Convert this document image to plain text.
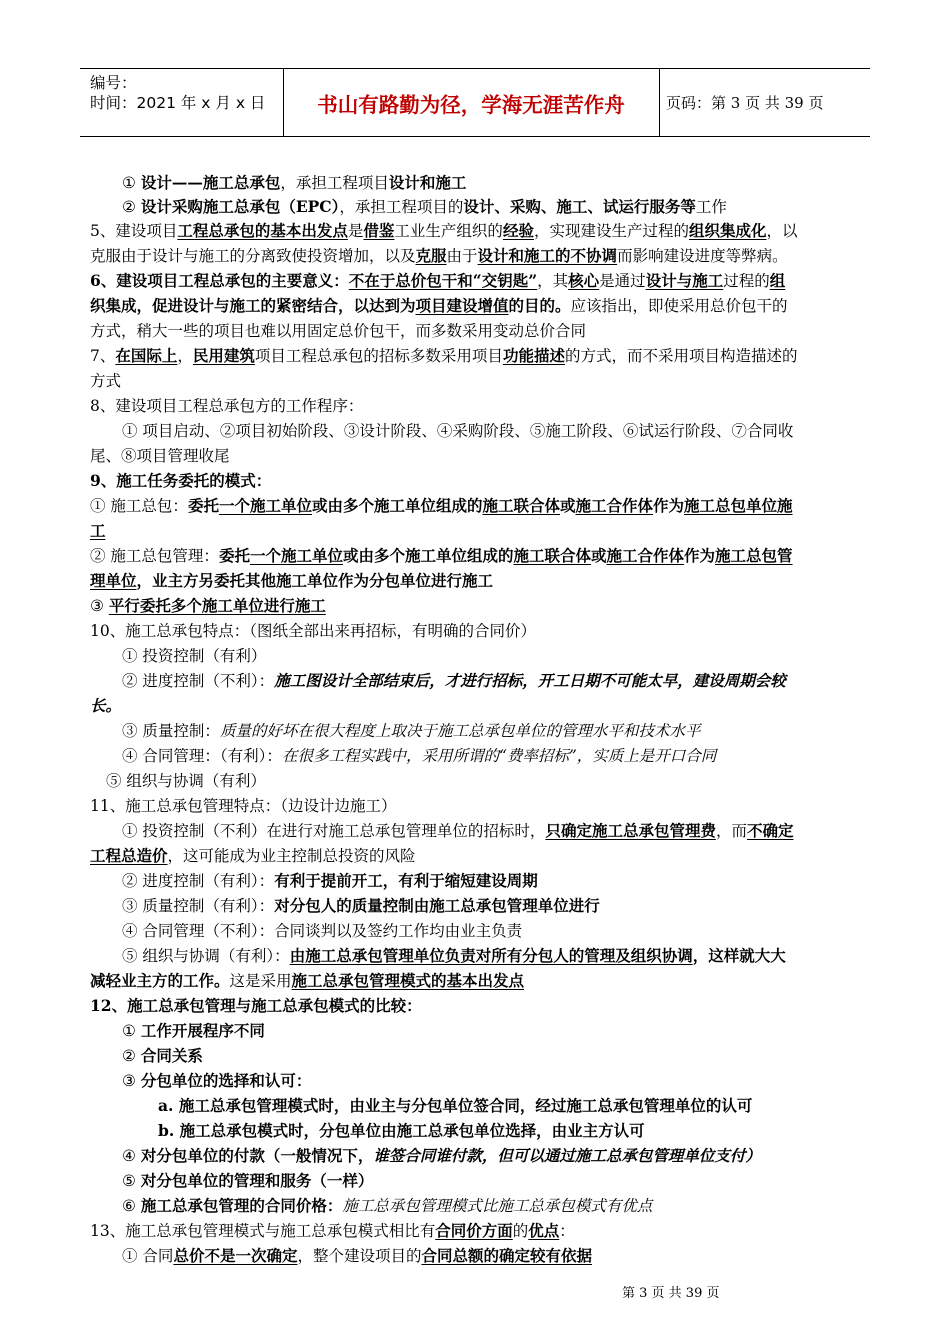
编号：
时间：2021 年 x 月 x 日	书山有路勤为径，学海无涯苦作舟	页码：第 3 页 共 39 页
① 设计——施工总承包，承担工程项目设计和施工
② 设计采购施工总承包（EPC），承担工程项目的设计、采购、施工、试运行服务等工作
5、建设项目工程总承包的基本出发点是借鉴工业生产组织的经验，实现建设生产过程的组织集成化，以
克服由于设计与施工的分离致使投资增加，以及克服由于设计和施工的不协调而影响建设进度等弊病。
6、建设项目工程总承包的主要意义：不在于总价包干和“交钥匙”，其核心是通过设计与施工过程的组
织集成，促进设计与施工的紧密结合，以达到为项目建设增值的目的。应该指出，即使采用总价包干的
方式，稍大一些的项目也难以用固定总价包干，而多数采用变动总价合同
7、在国际上，民用建筑项目工程总承包的招标多数采用项目功能描述的方式，而不采用项目构造描述的
方式
8、建设项目工程总承包方的工作程序：
① 项目启动、②项目初始阶段、③设计阶段、④采购阶段、⑤施工阶段、⑥试运行阶段、⑦合同收
尾、⑧项目管理收尾
9、施工任务委托的模式：
① 施工总包：委托一个施工单位或由多个施工单位组成的施工联合体或施工合作体作为施工总包单位施
工
② 施工总包管理：委托一个施工单位或由多个施工单位组成的施工联合体或施工合作体作为施工总包管
理单位，业主方另委托其他施工单位作为分包单位进行施工
③ 平行委托多个施工单位进行施工
10、施工总承包特点：（图纸全部出来再招标，有明确的合同价）
① 投资控制（有利）
② 进度控制（不利）：施工图设计全部结束后，才进行招标，开工日期不可能太早，建设周期会较
长。
③ 质量控制：质量的好坏在很大程度上取决于施工总承包单位的管理水平和技术水平
④ 合同管理：（有利）：在很多工程实践中，采用所谓的“费率招标”，实质上是开口合同
⑤ 组织与协调（有利）
11、施工总承包管理特点：（边设计边施工）
① 投资控制（不利）在进行对施工总承包管理单位的招标时，只确定施工总承包管理费，而不确定
工程总造价，这可能成为业主控制总投资的风险
② 进度控制（有利）：有利于提前开工，有利于缩短建设周期
③ 质量控制（有利）：对分包人的质量控制由施工总承包管理单位进行
④ 合同管理（不利）：合同谈判以及签约工作均由业主负责
⑤ 组织与协调（有利）：由施工总承包管理单位负责对所有分包人的管理及组织协调，这样就大大
减轻业主方的工作。这是采用施工总承包管理模式的基本出发点
12、施工总承包管理与施工总承包模式的比较：
① 工作开展程序不同
② 合同关系
③ 分包单位的选择和认可：
a. 施工总承包管理模式时，由业主与分包单位签合同，经过施工总承包管理单位的认可
b. 施工总承包模式时，分包单位由施工总承包单位选择，由业主方认可
④ 对分包单位的付款（一般情况下，谁签合同谁付款，但可以通过施工总承包管理单位支付）
⑤ 对分包单位的管理和服务（一样）
⑥ 施工总承包管理的合同价格：施工总承包管理模式比施工总承包模式有优点
13、施工总承包管理模式与施工总承包模式相比有合同价方面的优点：
① 合同总价不是一次确定，整个建设项目的合同总额的确定较有依据
第 3 页 共 39 页
